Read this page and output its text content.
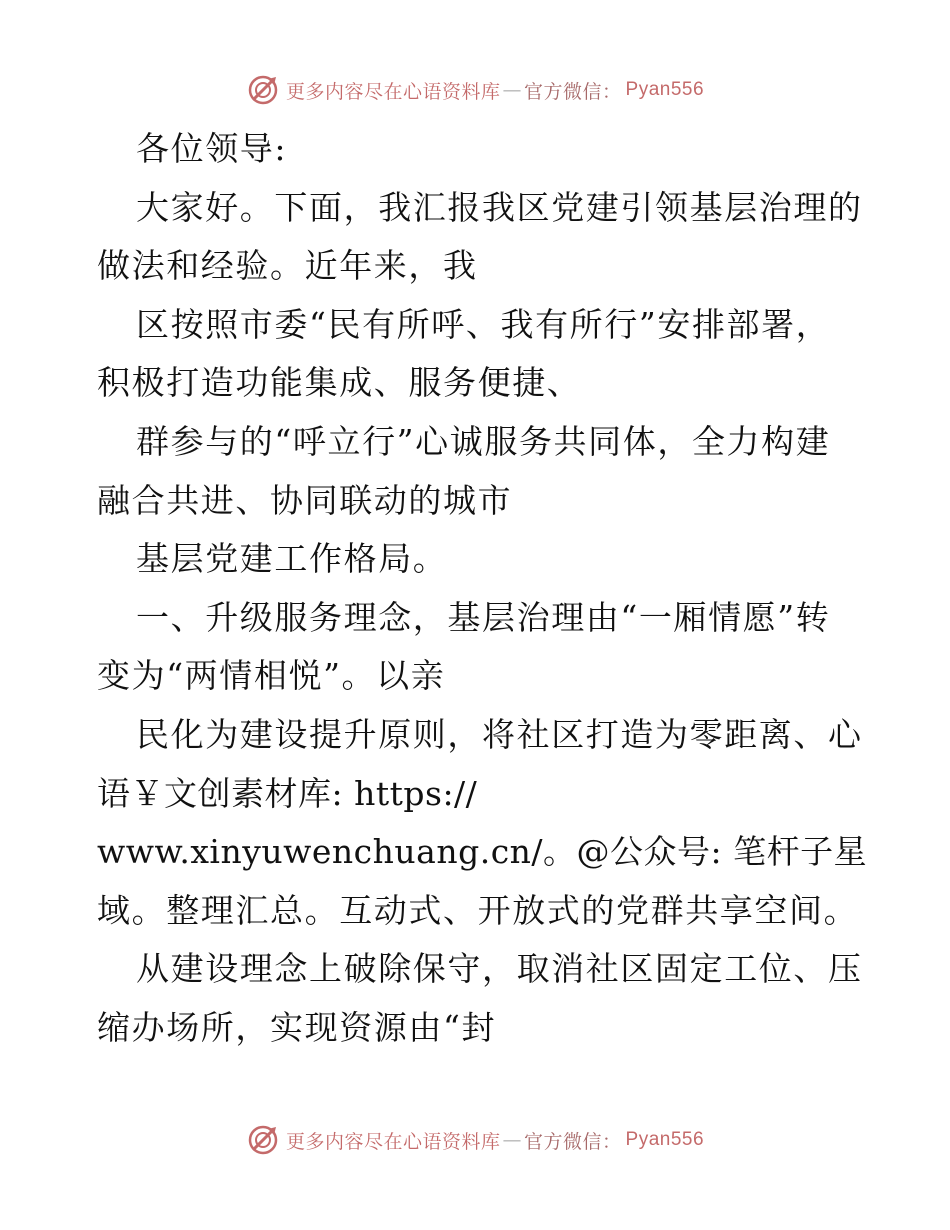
更多内容尽在心语资料库 — 官方微信 ： Pyan556
各位领导:
大家好。下面，我汇报我区党建引领基层治理的
做法和经验。近年来，我
区按照市委“民有所呼、我有所行”安排部署，
积极打造功能集成、服务便捷、
群参与的“呼立行”心诚服务共同体，全力构建
融合共进、协同联动的城市
基层党建工作格局。
一、升级服务理念，基层治理由“一厢情愿”转
变为“两情相悦”。以亲
民化为建设提升原则，将社区打造为零距离、心
语￥文创素材库: https://
www.xinyuwenchuang.cn/。@公众号: 笔杆子星
域。整理汇总。互动式、开放式的党群共享空间。
从建设理念上破除保守，取消社区固定工位、压
缩办场所，实现资源由“封
更多内容尽在心语资料库 — 官方微信 ： Pyan556
